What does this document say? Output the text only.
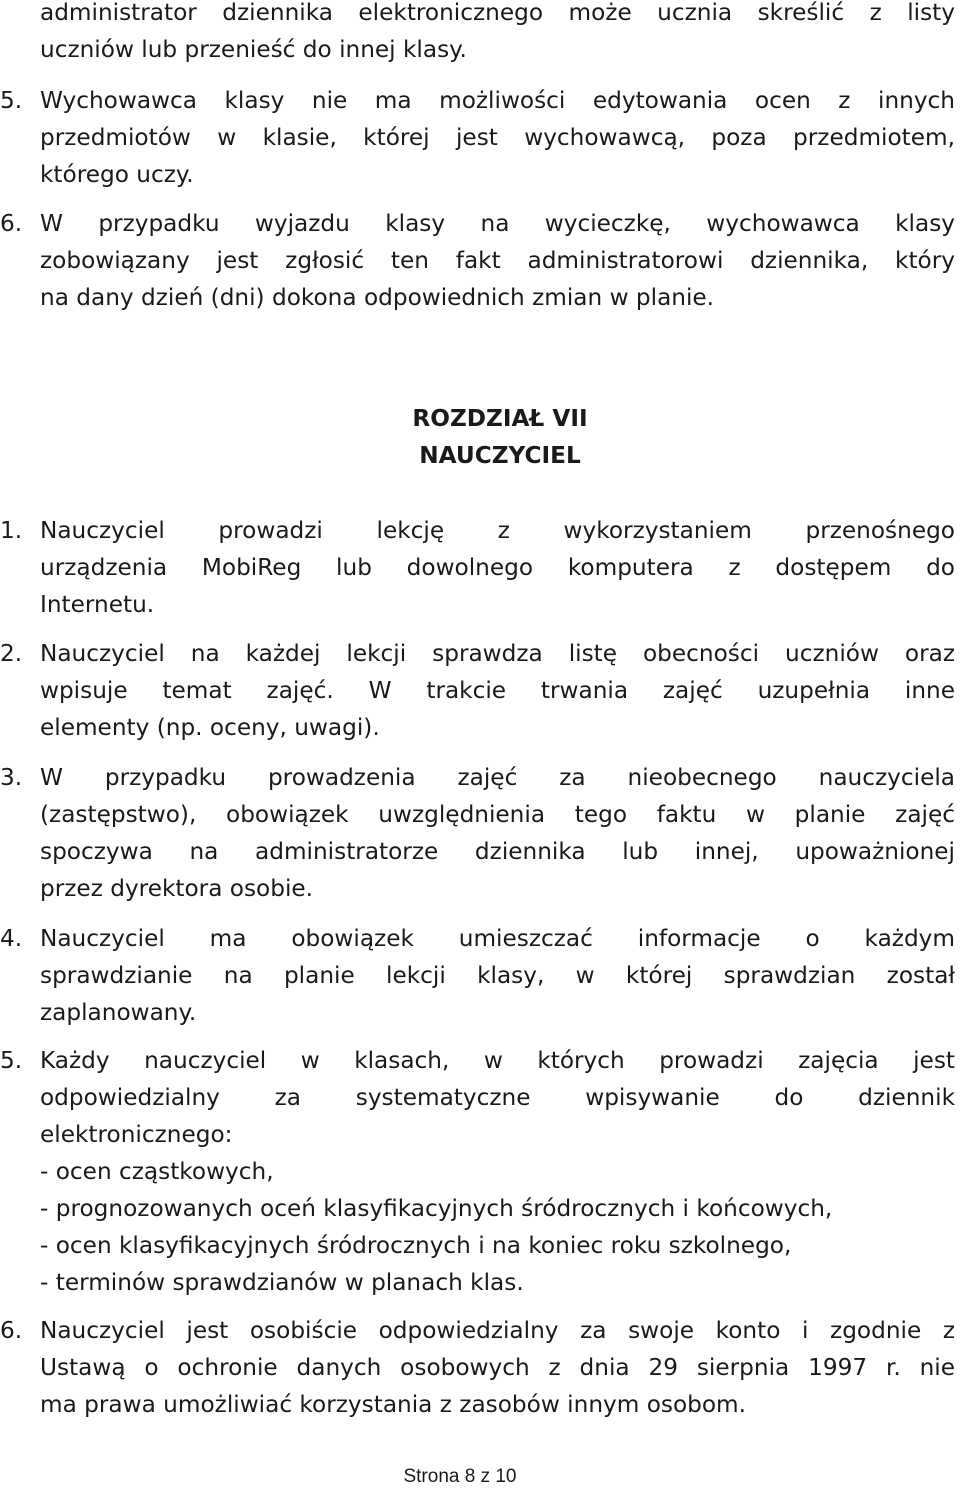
administrator dziennika elektronicznego może ucznia skreślić z listy
uczniów lub przenieść do innej klasy.
5. Wychowawca klasy nie ma możliwości edytowania ocen z innych
przedmiotów w klasie, której jest wychowawcą, poza przedmiotem,
którego uczy.
6. W przypadku wyjazdu klasy na wycieczkę, wychowawca klasy
zobowiązany jest zgłosić ten fakt administratorowi dziennika, który
na dany dzień (dni) dokona odpowiednich zmian w planie.
ROZDZIAŁ VII
NAUCZYCIEL
1. Nauczyciel prowadzi lekcję z wykorzystaniem przenośnego
urządzenia MobiReg lub dowolnego komputera z dostępem do
Internetu.
2. Nauczyciel na każdej lekcji sprawdza listę obecności uczniów oraz
wpisuje temat zajęć. W trakcie trwania zajęć uzupełnia inne
elementy (np. oceny, uwagi).
3. W przypadku prowadzenia zajęć za nieobecnego nauczyciela
(zastępstwo), obowiązek uwzględnienia tego faktu w planie zajęć
spoczywa na administratorze dziennika lub innej, upoważnionej
przez dyrektora osobie.
4. Nauczyciel ma obowiązek umieszczać informacje o każdym
sprawdzianie na planie lekcji klasy, w której sprawdzian został
zaplanowany.
5. Każdy nauczyciel w klasach, w których prowadzi zajęcia jest
odpowiedzialny za systematyczne wpisywanie do dziennik
elektronicznego:
- ocen cząstkowych,
- prognozowanych oceń klasyfikacyjnych śródrocznych i końcowych,
- ocen klasyfikacyjnych śródrocznych i na koniec roku szkolnego,
- terminów sprawdzianów w planach klas.
6. Nauczyciel jest osobiście odpowiedzialny za swoje konto i zgodnie z
Ustawą o ochronie danych osobowych z dnia 29 sierpnia 1997 r. nie
ma prawa umożliwiać korzystania z zasobów innym osobom.
Strona 8 z 10
